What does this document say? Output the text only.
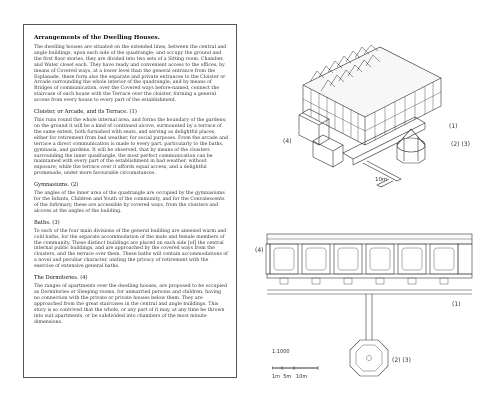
Arrangements of the Dwelling Houses.

The dwelling houses are situated on the extended lines, between the central and angle buildings, upon each side of the quadrangle; and occupy the ground and the first floor stories, they are divided into two sets of a Sitting room, Chamber, and Water closet each. They have ready and convenient access to the offices, by means of Covered ways, at a lower level than the general entrance from the Esplanade, these form also the separate and private entrances to the Cloister or Arcade surrounding the whole interior of the quadrangle; and by means of Bridges of communication, over the Covered ways before-named, connect the staircase of each house with the Terrace over the cloister, forming a general access from every house to every part of the establishment.

Cloister, or Arcade, and its Terrace. (1)

This runs round the whole internal area, and forms the boundary of the gardens; on the ground it will be a kind of continued alcove, surmounted by a terrace of the same extent, both furnished with seats, and serving as delightful places, either for retirement from bad weather, for social purposes. From the arcade and terrace a direct communication is made to every part, particularly to the baths, gymnasia, and gardens. It will be observed, that by means of the cloisters surrounding the inner quadrangle, the most perfect communication can be maintained with every part of the establishment in bad weather, without exposure; while the terrace over it affords equal access, and a delightful promenade, under more favourable circumstances.

Gymnasiums. (2)

The angles of the inner area of the quadrangle are occupied by the gymnasiums for the Infants, Children and Youth of the community, and for the Convalescents of the Infirmary, these are accessible by covered ways, from the cloisters and alcoves at the angles of the building.

Baths. (3)

To each of the four main divisions of the general building are annexed warm and cold baths, for the separate accommodation of the male and female members of the community. These distinct buildings are placed on each side [of] the central internal public buildings, and are approached by the covered ways from the cloisters, and the terrace over them. These baths will contain accommodations of a novel and peculiar character, uniting the privacy of retirement with the exercise of extensive general baths.

The Dormitories. (4)

The ranges of apartments over the dwelling houses, are proposed to be occupied as Dormitories or Sleeping rooms, for unmarried persons and children; having no connection with the private or private houses below them. They are approached from the great staircases in the central and angle buildings. This story is so contrived that the whole, or any part of it may, at any time be thrown into suit apartments, or be subdivided into chambers of the most minute dimensions.

(1)
(2) (3)
(4)
10m
(4)
(1)
(2) (3)
1:1000
1m  5m   10m
